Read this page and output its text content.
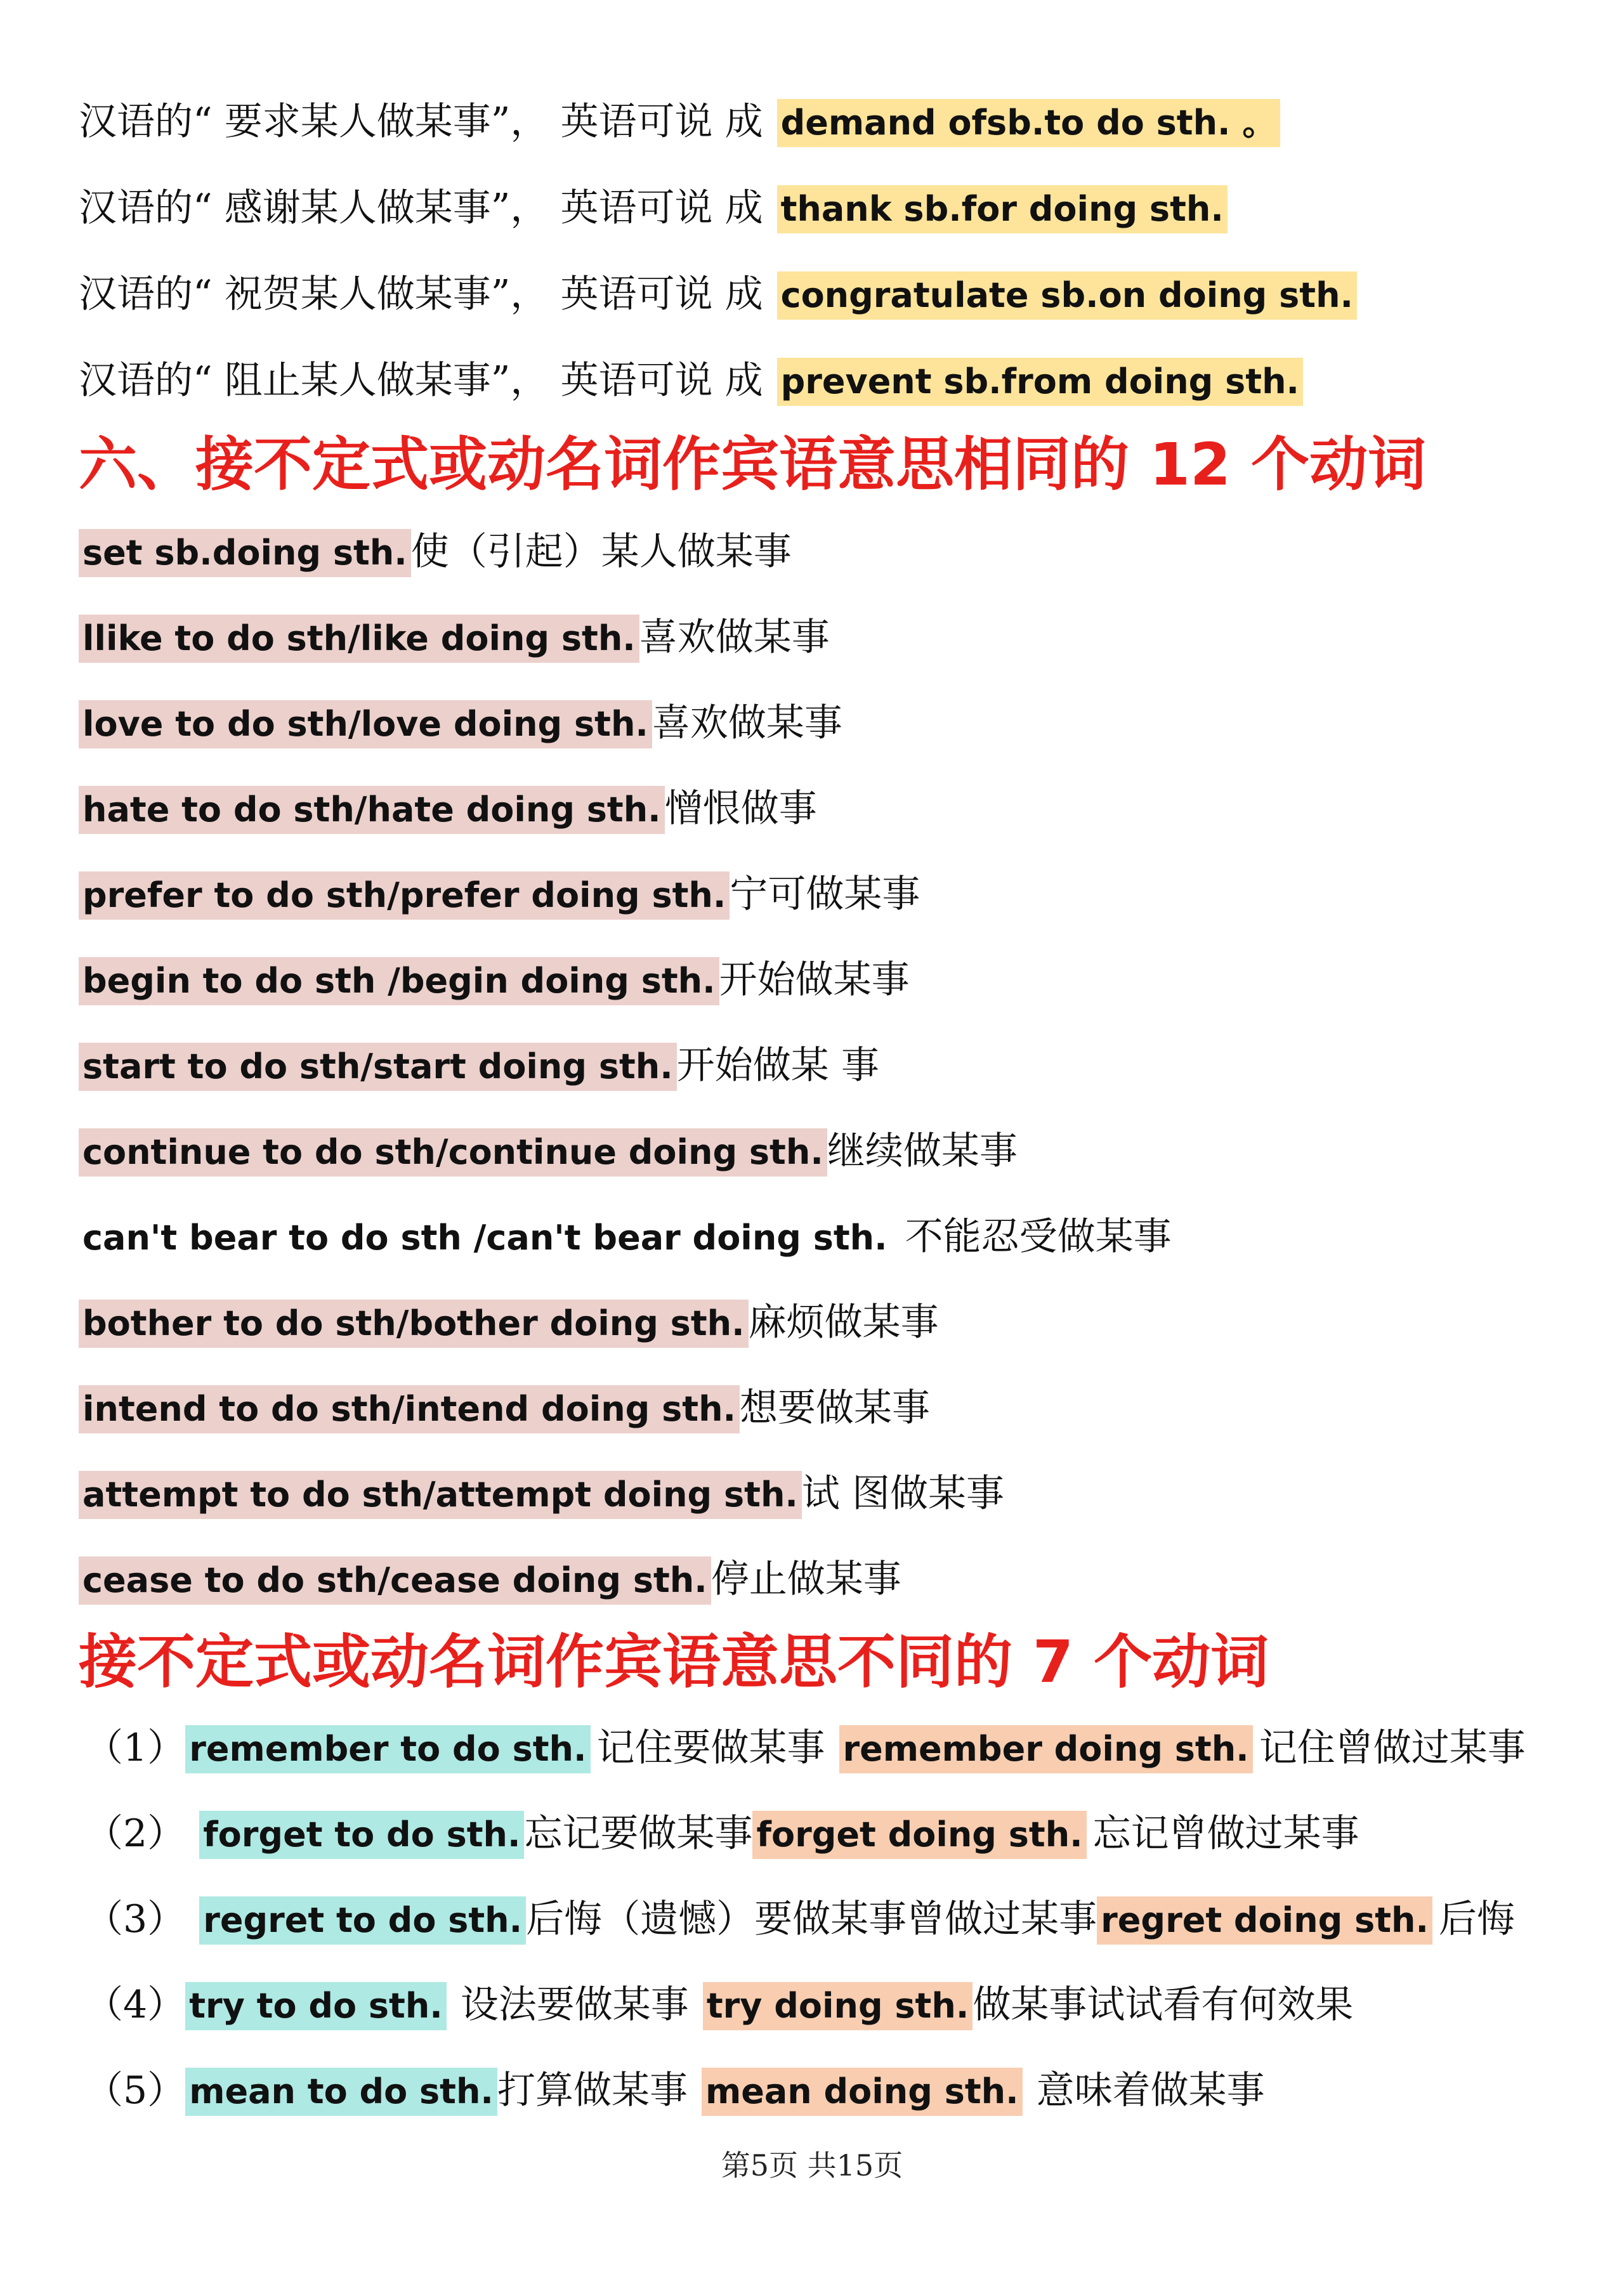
汉语的“ 要求某人做某事”， 英语可说 成 demand ofsb.to do sth. 。
汉语的“ 感谢某人做某事”， 英语可说 成 thank sb.for doing sth.
汉语的“ 祝贺某人做某事”， 英语可说 成 congratulate sb.on doing sth.
汉语的“ 阻止某人做某事”， 英语可说 成 prevent sb.from doing sth.
六、接不定式或动名词作宾语意思相同的 12 个动词
set sb.doing sth. 使（引起）某人做某事
llike to do sth/like doing sth. 喜欢做某事
love to do sth/love doing sth. 喜欢做某事
hate to do sth/hate doing sth. 憎恨做事
prefer to do sth/prefer doing sth. 宁可做某事
begin to do sth /begin doing sth. 开始做某事
start to do sth/start doing sth. 开始做某 事
continue to do sth/continue doing sth. 继续做某事
can't bear to do sth /can't bear doing sth. 不能忍受做某事
bother to do sth/bother doing sth. 麻烦做某事
intend to do sth/intend doing sth. 想要做某事
attempt to do sth/attempt doing sth. 试 图做某事
cease to do sth/cease doing sth. 停止做某事
接不定式或动名词作宾语意思不同的 7 个动词
（1） remember to do sth. 记住要做某事 remember doing sth. 记住曾做过某事
（2） forget to do sth. 忘记要做某事 forget doing sth. 忘记曾做过某事
（3） regret to do sth. 后悔（遗憾）要做某事曾做过某事 regret doing sth. 后悔
（4） try to do sth. 设法要做某事 try doing sth. 做某事试试看有何效果
（5） mean to do sth. 打算做某事 mean doing sth. 意味着做某事
第5页 共15页
